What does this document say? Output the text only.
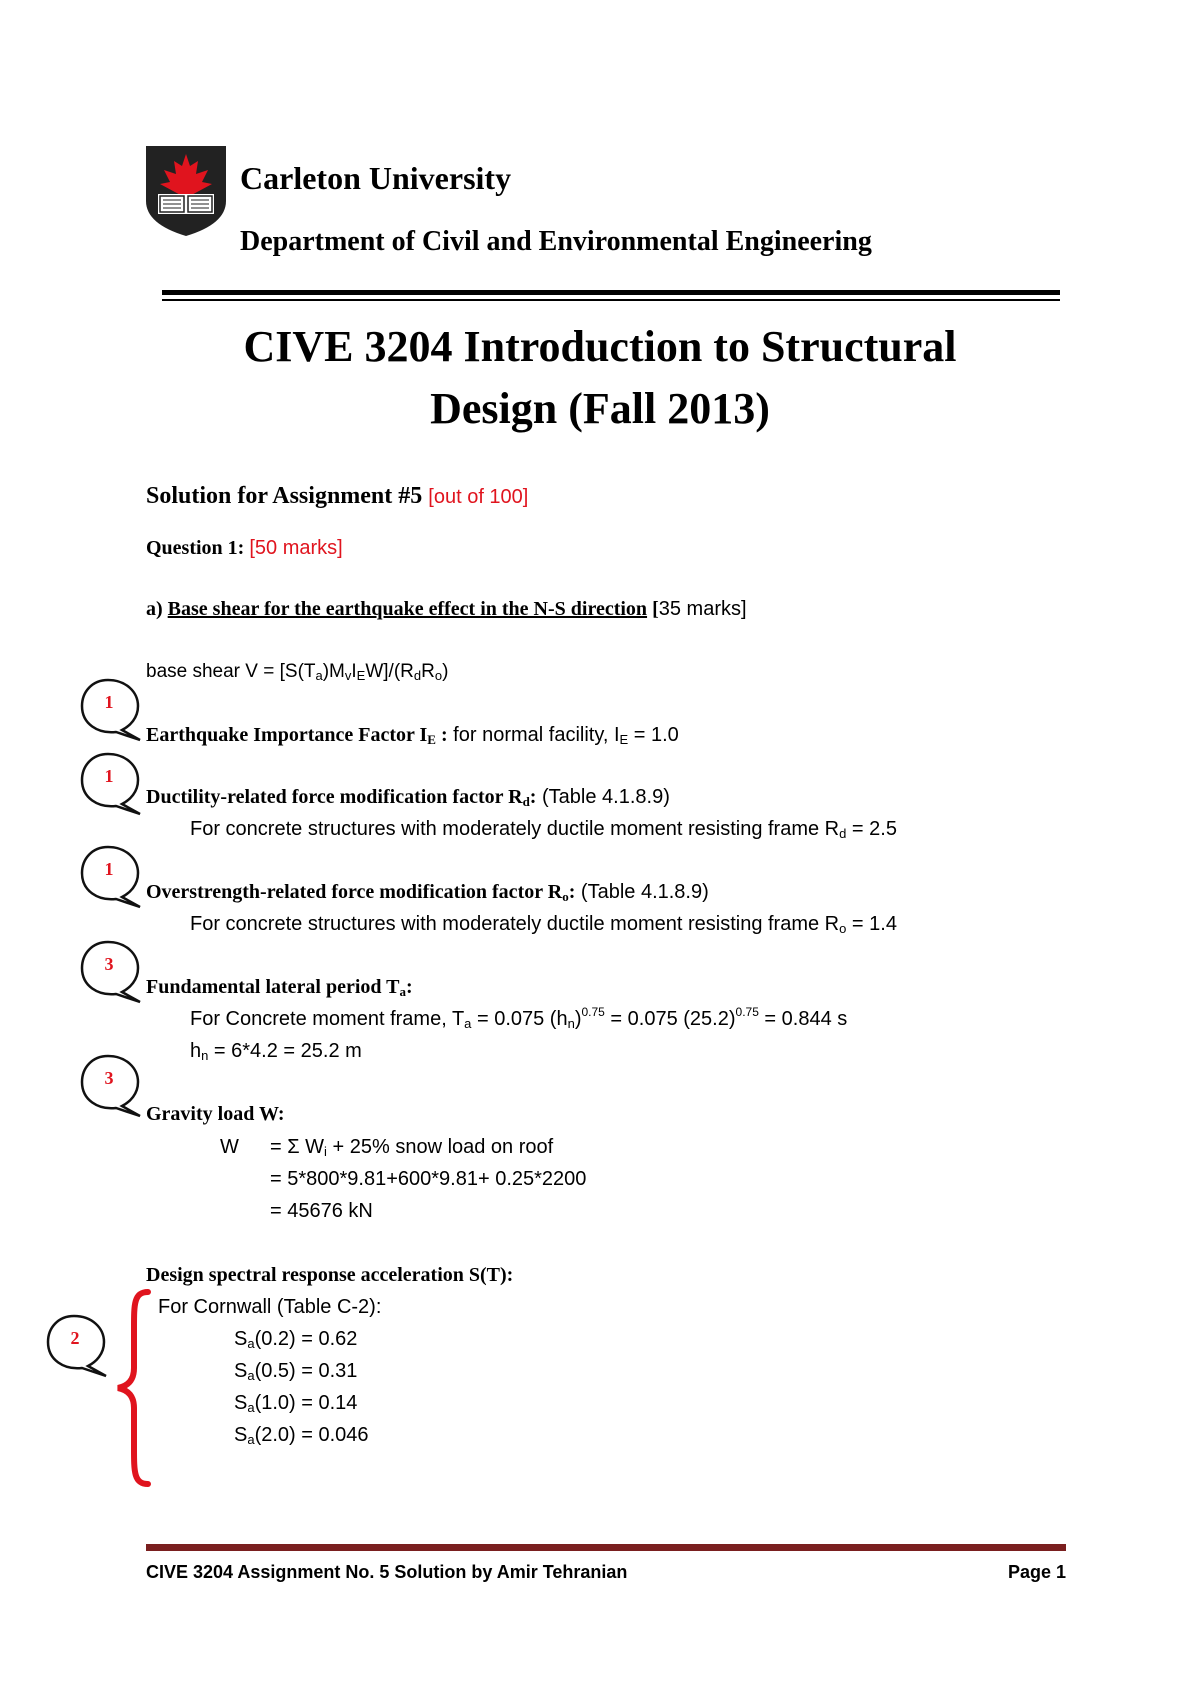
Carleton University
Department of Civil and Environmental Engineering
CIVE 3204 Introduction to Structural
Design (Fall 2013)
Solution for Assignment #5 [out of 100]
Question 1: [50 marks]
a) Base shear for the earthquake effect in the N-S direction [35 marks]
base shear $V = [S(T_a)M_vI_EW]/(R_dR_o)$
Earthquake Importance Factor $I_E$ : for normal facility, $I_E = 1.0$
Ductility-related force modification factor $R_d$: (Table 4.1.8.9)
For concrete structures with moderately ductile moment resisting frame $R_d = 2.5$
Overstrength-related force modification factor $R_o$: (Table 4.1.8.9)
For concrete structures with moderately ductile moment resisting frame $R_o = 1.4$
Fundamental lateral period $T_a$:
For Concrete moment frame, $T_a = 0.075$ $(h_n)^{0.75} = 0.075$ $(25.2)^{0.75} = 0.844$ s
$h_n = 6*4.2 = 25.2$ m
Gravity load W:
W = Σ $W_i + 25\%$ snow load on roof
= 5*800*9.81+600*9.81+ 0.25*2200
= 45676 kN
Design spectral response acceleration S(T):
For Cornwall (Table C-2):
$S_a(0.2) = 0.62$
$S_a(0.5) = 0.31$
$S_a(1.0) = 0.14$
$S_a(2.0) = 0.046$
1
1
1
3
3
2
CIVE 3204 Assignment No. 5 Solution by Amir Tehranian	Page 1
